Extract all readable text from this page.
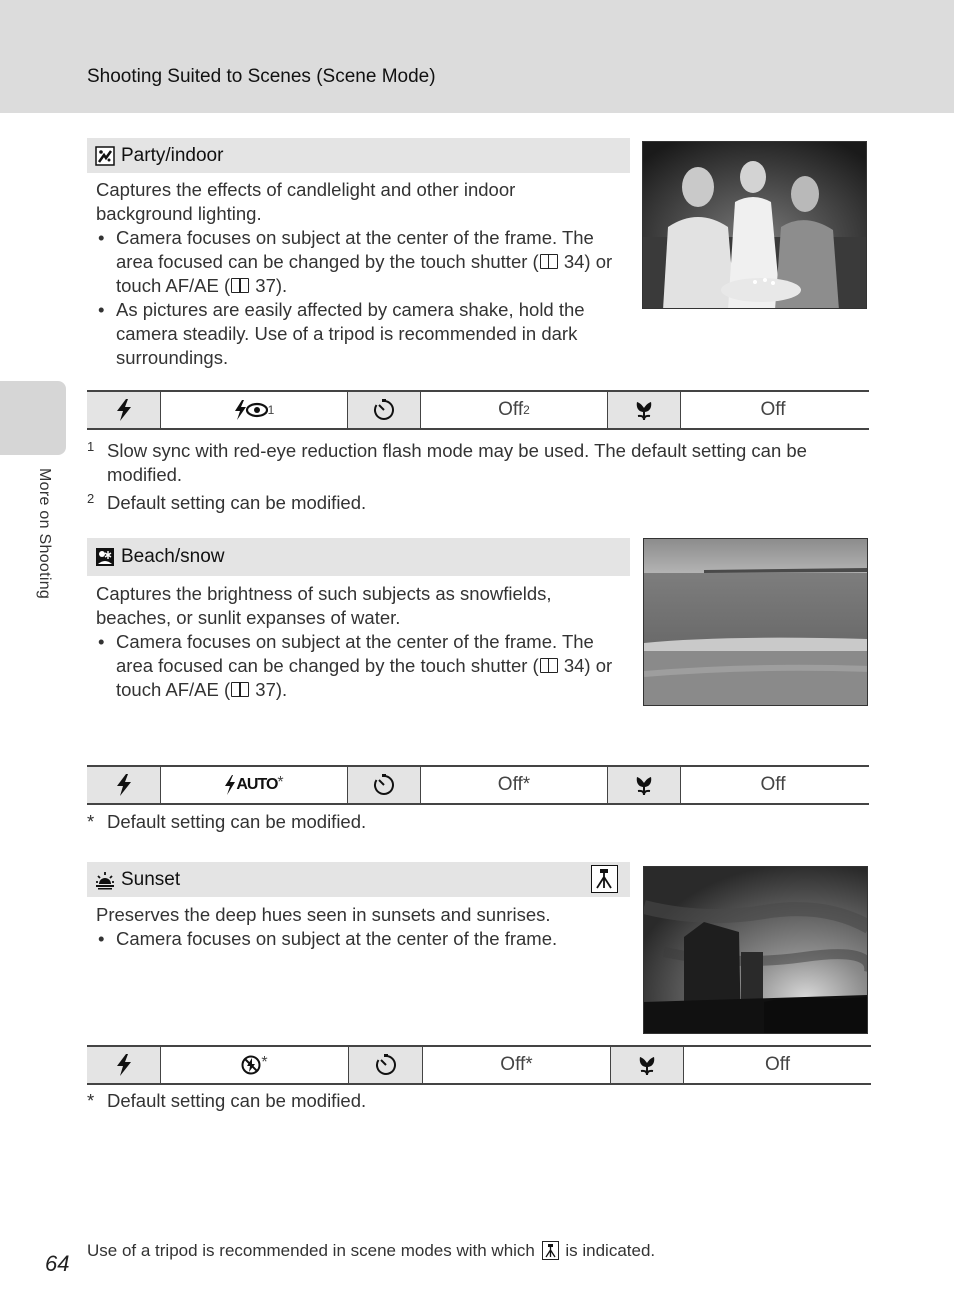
Shooting Suited to Scenes (Scene Mode)
More on Shooting
Party/indoor
Captures the effects of candlelight and other indoor background lighting.
• Camera focuses on subject at the center of the frame. The area focused can be changed by the touch shutter ( 34) or touch AF/AE ( 37).
• As pictures are easily affected by camera shake, hold the camera steadily. Use of a tripod is recommended in dark surroundings.
1	Off 2	Off
1 Slow sync with red-eye reduction flash mode may be used. The default setting can be
modified.
2 Default setting can be modified.
Beach/snow
Captures the brightness of such subjects as snowfields, beaches, or sunlit expanses of water.
• Camera focuses on subject at the center of the frame. The area focused can be changed by the touch shutter ( 34) or touch AF/AE ( 37).
AUTO *	Off*	Off
* Default setting can be modified.
Sunset
Preserves the deep hues seen in sunsets and sunrises.
• Camera focuses on subject at the center of the frame.
*	Off*	Off
* Default setting can be modified.
64
Use of a tripod is recommended in scene modes with which is indicated.
